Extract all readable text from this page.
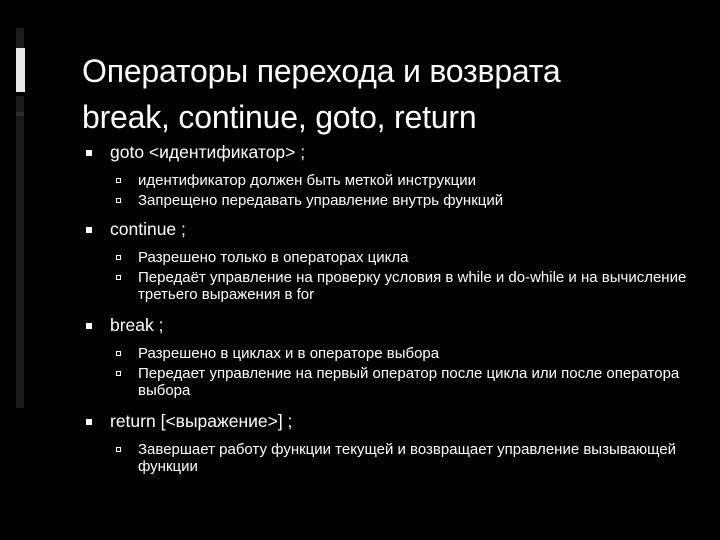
Операторы перехода и возврата
break, continue, goto, return
goto <идентификатор> ;
идентификатор должен быть меткой инструкции
Запрещено передавать управление внутрь функций
continue ;
Разрешено только в операторах цикла
Передаёт управление на проверку условия в while и do-while и на вычисление третьего выражения в for
break ;
Разрешено в циклах и в операторе выбора
Передает управление на первый оператор после цикла или после оператора выбора
return [<выражение>] ;
Завершает работу функции текущей и возвращает управление вызывающей функции
